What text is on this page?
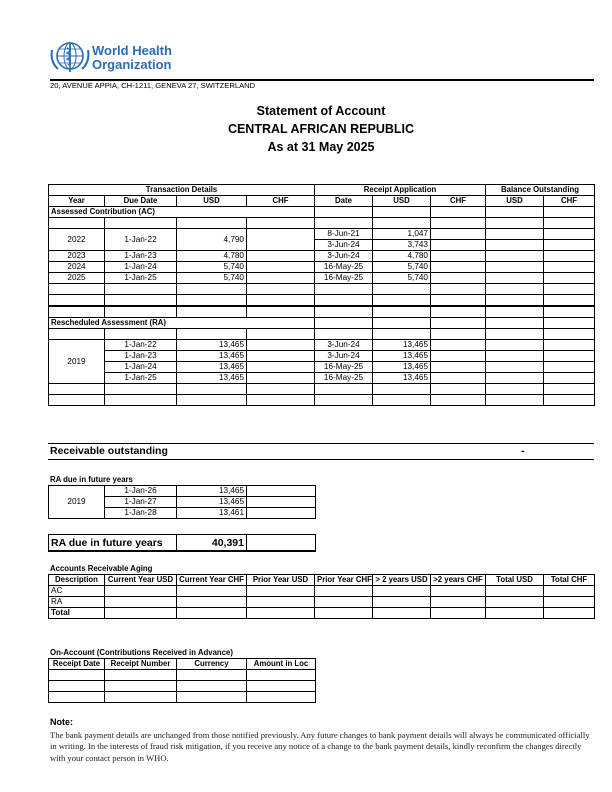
World Health
Organization
20, AVENUE APPIA, CH-1211, GENEVA 27, SWITZERLAND
Statement of Account
CENTRAL AFRICAN REPUBLIC
As at 31 May 2025
Transaction Details				Receipt Application			Balance Outstanding	
Year	Due Date	USD	CHF	Date	USD	CHF	USD	CHF
Assessed Contribution (AC)								

2022	1-Jan-22	4,790		8-Jun-21	1,047			
				3-Jun-24	3,743			
2023	1-Jan-23	4,780		3-Jun-24	4,780			
2024	1-Jan-24	5,740		16-May-25	5,740			
2025	1-Jan-25	5,740		16-May-25	5,740			

Rescheduled Assessment (RA)								

2019	1-Jan-22	13,465		3-Jun-24	13,465			
	1-Jan-23	13,465		3-Jun-24	13,465			
	1-Jan-24	13,465		16-May-25	13,465			
	1-Jan-25	13,465		16-May-25	13,465			

Receivable outstanding	-
RA due in future years
2019	1-Jan-26	13,465	
	1-Jan-27	13,465	
	1-Jan-28	13,461	
RA due in future years	40,391	
Accounts Receivable Aging
Description	Current Year USD	Current Year CHF	Prior Year USD	Prior Year CHF	> 2 years USD	>2 years CHF	Total USD	Total CHF
AC								
RA								
Total								
On-Account (Contributions Received in Advance)
Receipt Date	Receipt Number	Currency	Amount in Loc

Note:
The bank payment details are unchanged from those notified previously. Any future changes to bank payment details will always be communicated officially in writing. In the interests of fraud risk mitigation, if you receive any notice of a change to the bank payment details, kindly reconfirm the changes directly with your contact person in WHO.
